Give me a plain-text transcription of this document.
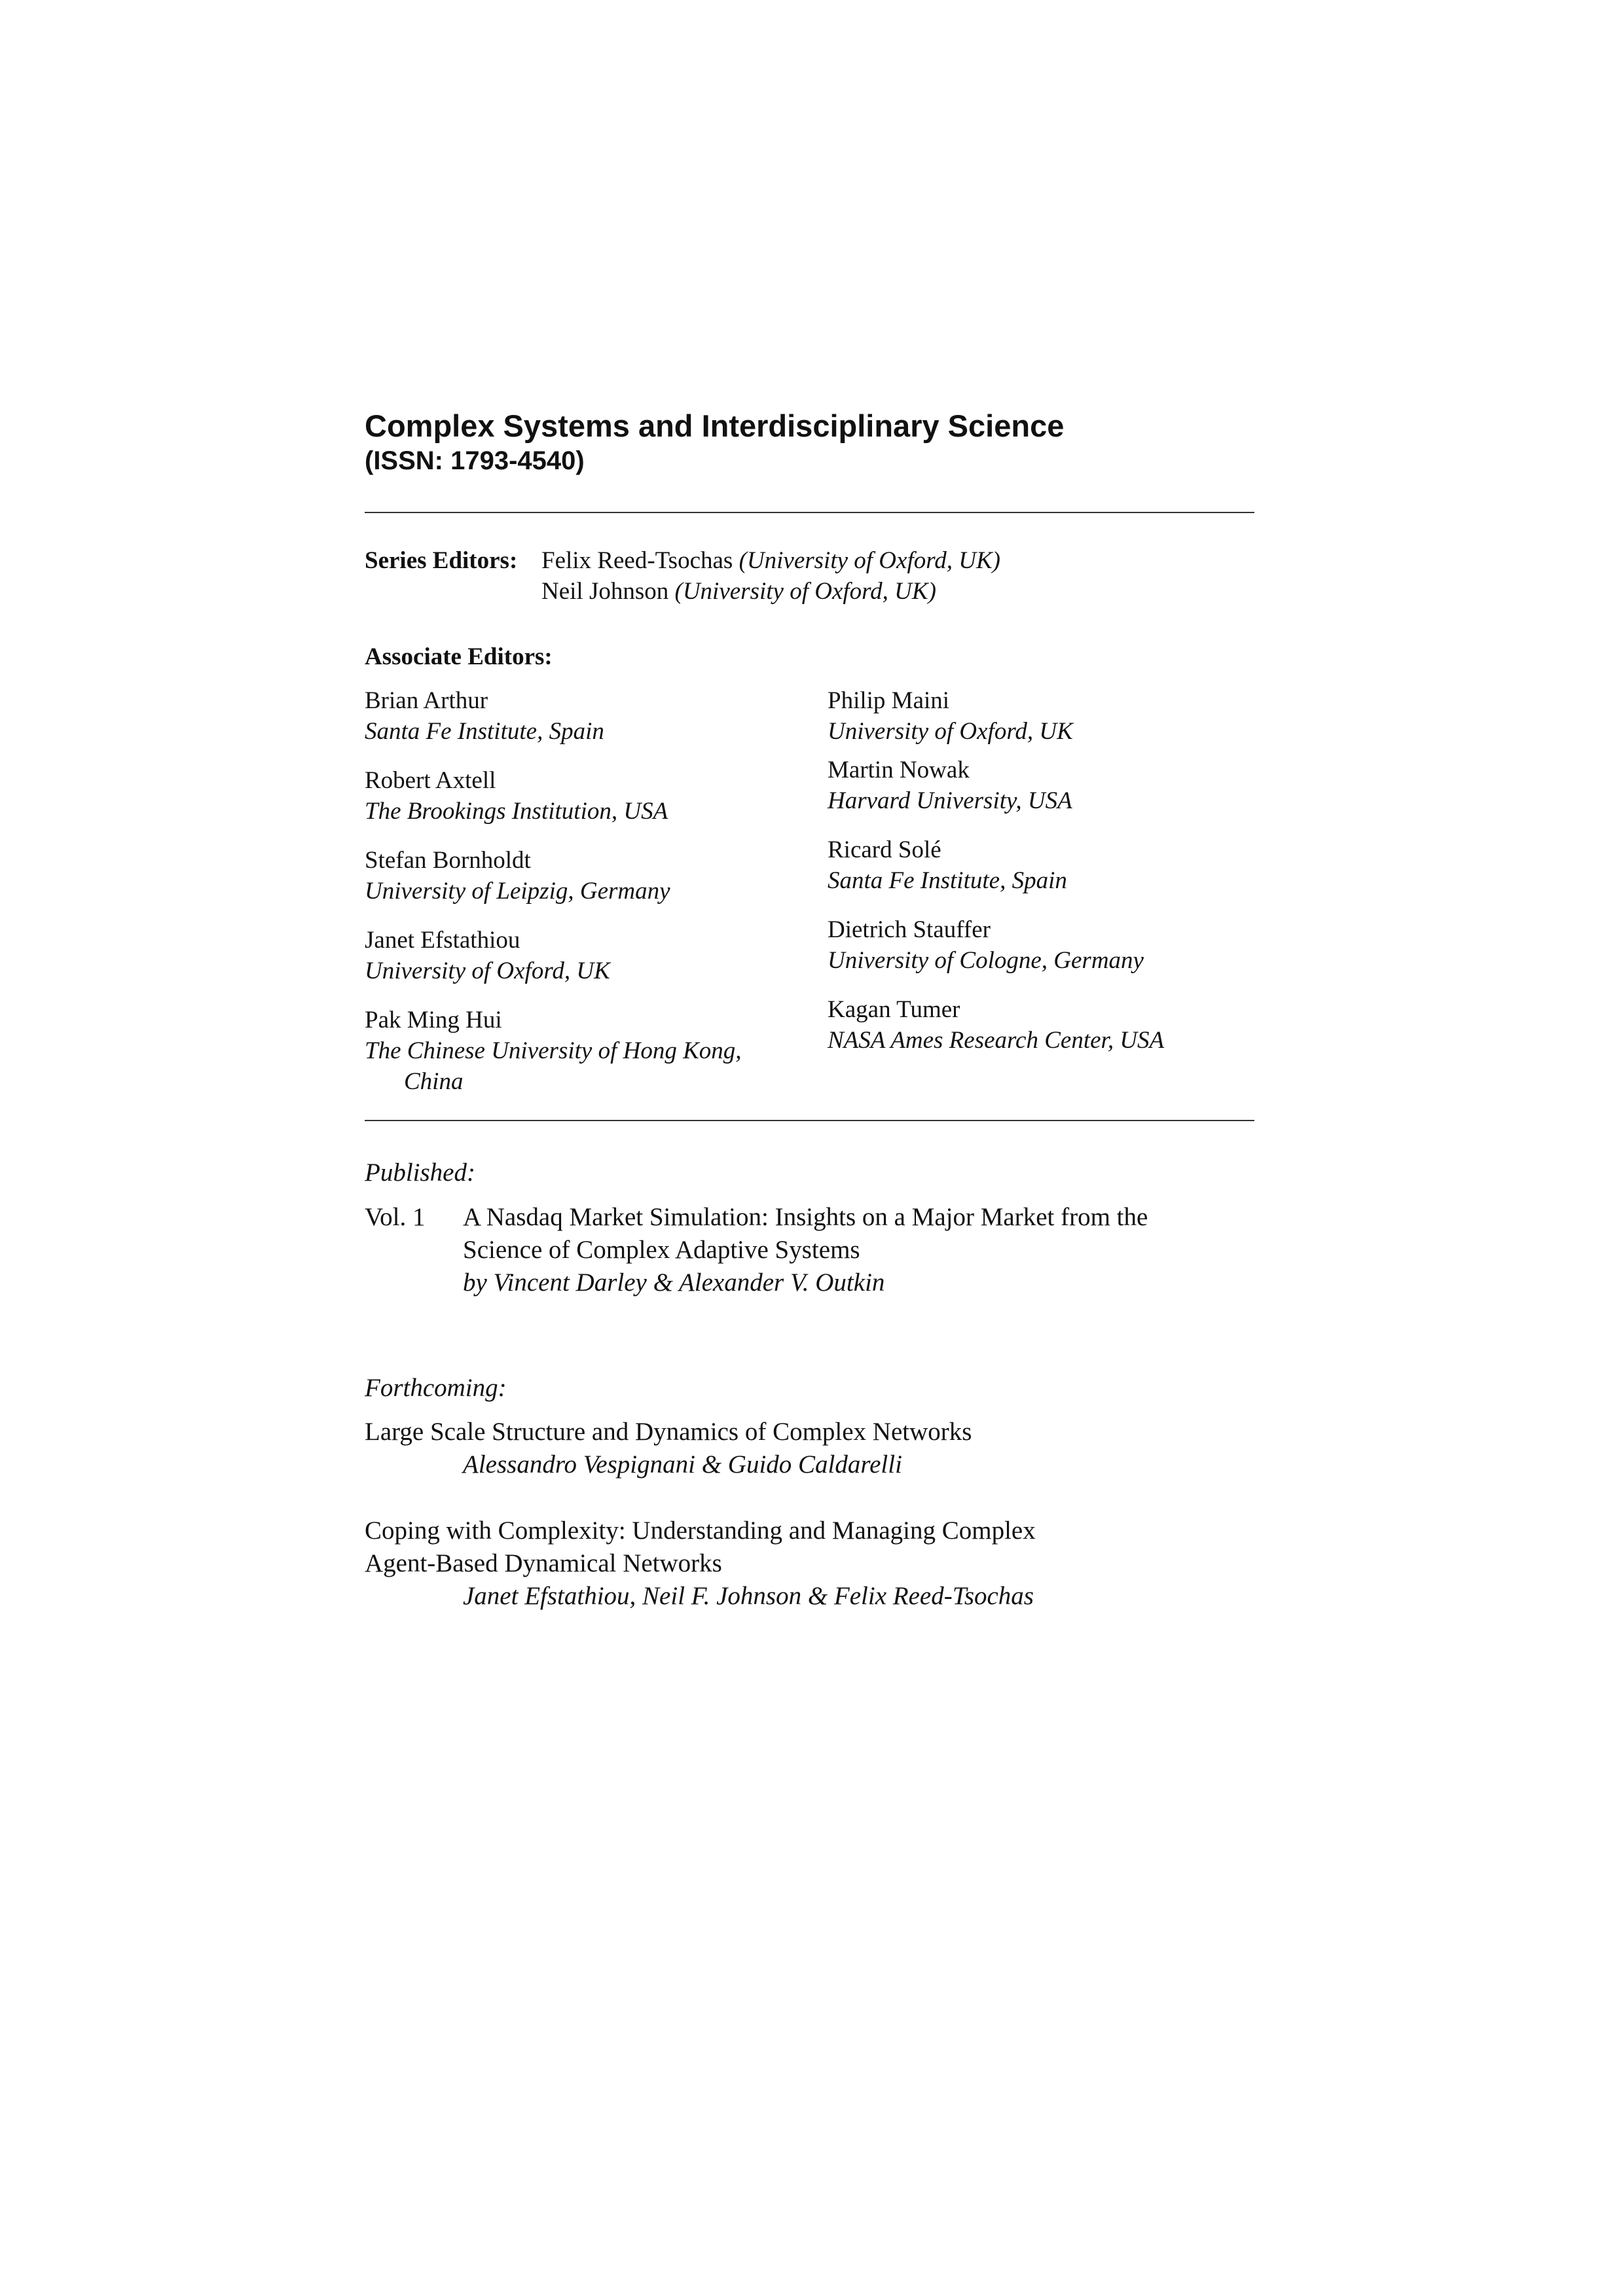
Complex Systems and Interdisciplinary Science
(ISSN: 1793-4540)
Series Editors: Felix Reed-Tsochas (University of Oxford, UK)
Neil Johnson (University of Oxford, UK)
Associate Editors:
Brian Arthur
Santa Fe Institute, Spain
Robert Axtell
The Brookings Institution, USA
Stefan Bornholdt
University of Leipzig, Germany
Janet Efstathiou
University of Oxford, UK
Pak Ming Hui
The Chinese University of Hong Kong,
China
Philip Maini
University of Oxford, UK
Martin Nowak
Harvard University, USA
Ricard Solé
Santa Fe Institute, Spain
Dietrich Stauffer
University of Cologne, Germany
Kagan Tumer
NASA Ames Research Center, USA
Published:
Vol. 1 A Nasdaq Market Simulation: Insights on a Major Market from the
Science of Complex Adaptive Systems
by Vincent Darley & Alexander V. Outkin
Forthcoming:
Large Scale Structure and Dynamics of Complex Networks
Alessandro Vespignani & Guido Caldarelli
Coping with Complexity: Understanding and Managing Complex
Agent-Based Dynamical Networks
Janet Efstathiou, Neil F. Johnson & Felix Reed-Tsochas
